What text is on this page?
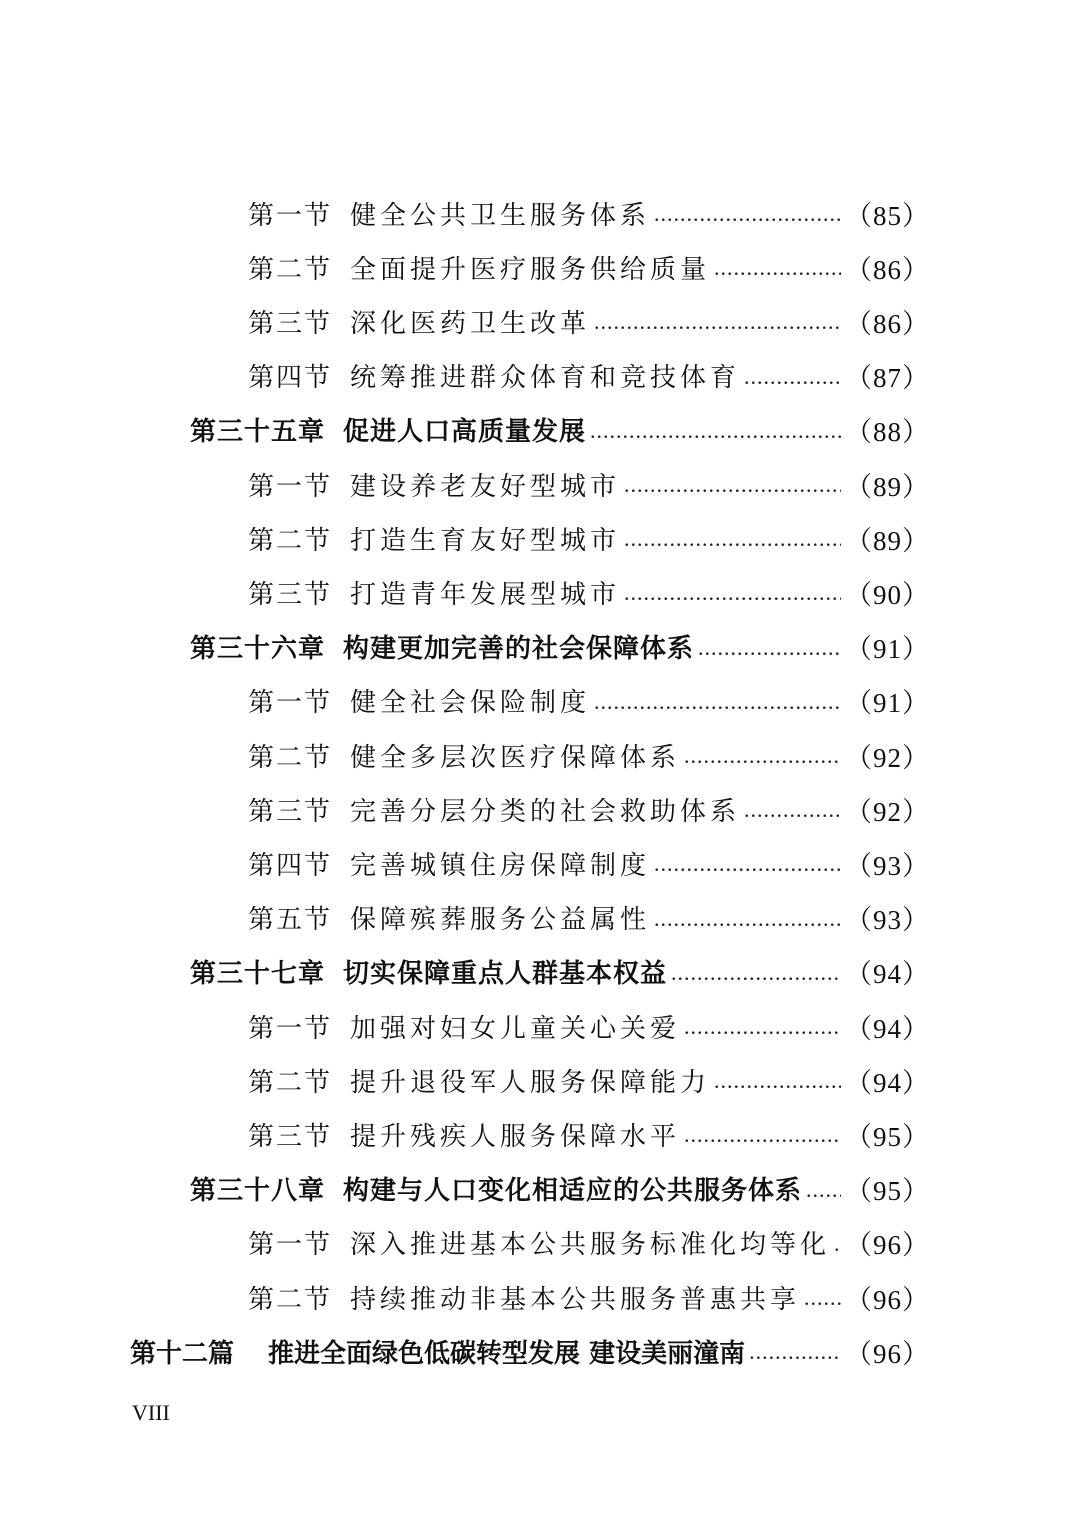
第一节 健全公共卫生服务体系 .....	（85）
第二节 全面提升医疗服务供给质量 .....	（86）
第三节 深化医药卫生改革 .....	（86）
第四节 统筹推进群众体育和竞技体育 .....	（87）
第三十五章 促进人口高质量发展 .....	（88）
第一节 建设养老友好型城市 .....	（89）
第二节 打造生育友好型城市 .....	（89）
第三节 打造青年发展型城市 .....	（90）
第三十六章 构建更加完善的社会保障体系 .....	（91）
第一节 健全社会保险制度 .....	（91）
第二节 健全多层次医疗保障体系 .....	（92）
第三节 完善分层分类的社会救助体系 .....	（92）
第四节 完善城镇住房保障制度 .....	（93）
第五节 保障殡葬服务公益属性 .....	（93）
第三十七章 切实保障重点人群基本权益 .....	（94）
第一节 加强对妇女儿童关心关爱 .....	（94）
第二节 提升退役军人服务保障能力 .....	（94）
第三节 提升残疾人服务保障水平 .....	（95）
第三十八章 构建与人口变化相适应的公共服务体系 ..... （95）
第一节 深入推进基本公共服务标准化均等化 ..... （96）
第二节 持续推动非基本公共服务普惠共享 ..... （96）
第十二篇 推进全面绿色低碳转型发展 建设美丽潼南 .....	（96）
VIII
